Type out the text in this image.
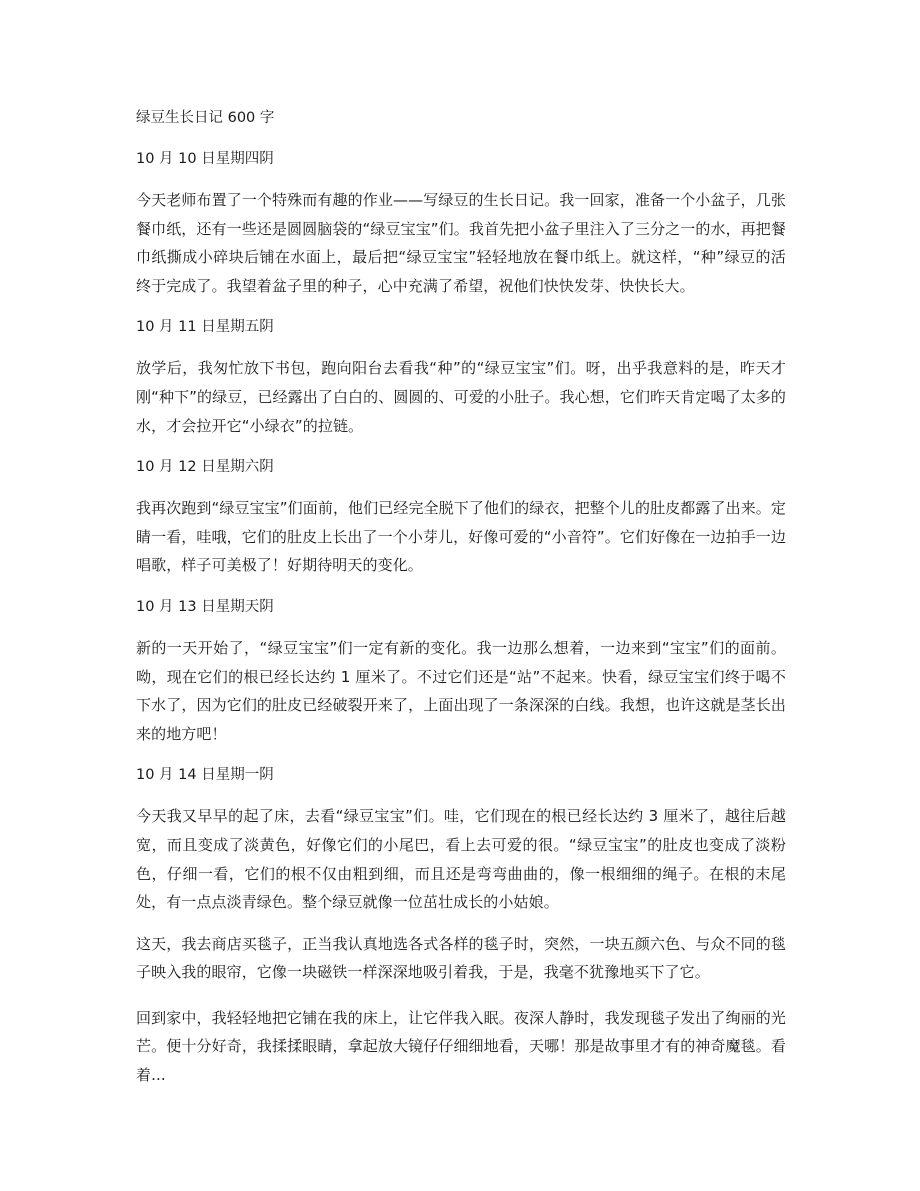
绿豆生长日记 600 字
10 月 10 日星期四阴
今天老师布置了一个特殊而有趣的作业——写绿豆的生长日记。我一回家，准备一个小盆子，几张餐巾纸，还有一些还是圆圆脑袋的“绿豆宝宝”们。我首先把小盆子里注入了三分之一的水，再把餐巾纸撕成小碎块后铺在水面上，最后把“绿豆宝宝”轻轻地放在餐巾纸上。就这样，“种”绿豆的活终于完成了。我望着盆子里的种子，心中充满了希望，祝他们快快发芽、快快长大。
10 月 11 日星期五阴
放学后，我匆忙放下书包，跑向阳台去看我“种”的“绿豆宝宝”们。呀，出乎我意料的是，昨天才刚“种下”的绿豆，已经露出了白白的、圆圆的、可爱的小肚子。我心想，它们昨天肯定喝了太多的水，才会拉开它“小绿衣”的拉链。
10 月 12 日星期六阴
我再次跑到“绿豆宝宝”们面前，他们已经完全脱下了他们的绿衣，把整个儿的肚皮都露了出来。定睛一看，哇哦，它们的肚皮上长出了一个小芽儿，好像可爱的“小音符”。它们好像在一边拍手一边唱歌，样子可美极了！好期待明天的变化。
10 月 13 日星期天阴
新的一天开始了，“绿豆宝宝”们一定有新的变化。我一边那么想着，一边来到“宝宝”们的面前。呦，现在它们的根已经长达约 1 厘米了。不过它们还是“站”不起来。快看，绿豆宝宝们终于喝不下水了，因为它们的肚皮已经破裂开来了，上面出现了一条深深的白线。我想，也许这就是茎长出来的地方吧！
10 月 14 日星期一阴
今天我又早早的起了床，去看“绿豆宝宝”们。哇，它们现在的根已经长达约 3 厘米了，越往后越宽，而且变成了淡黄色，好像它们的小尾巴，看上去可爱的很。“绿豆宝宝”的肚皮也变成了淡粉色，仔细一看，它们的根不仅由粗到细，而且还是弯弯曲曲的，像一根细细的绳子。在根的末尾处，有一点点淡青绿色。整个绿豆就像一位茁壮成长的小姑娘。
这天，我去商店买毯子，正当我认真地选各式各样的毯子时，突然，一块五颜六色、与众不同的毯子映入我的眼帘，它像一块磁铁一样深深地吸引着我，于是，我毫不犹豫地买下了它。
回到家中，我轻轻地把它铺在我的床上，让它伴我入眠。夜深人静时，我发现毯子发出了绚丽的光芒。便十分好奇，我揉揉眼睛，拿起放大镜仔仔细细地看，天哪！那是故事里才有的神奇魔毯。看着...
